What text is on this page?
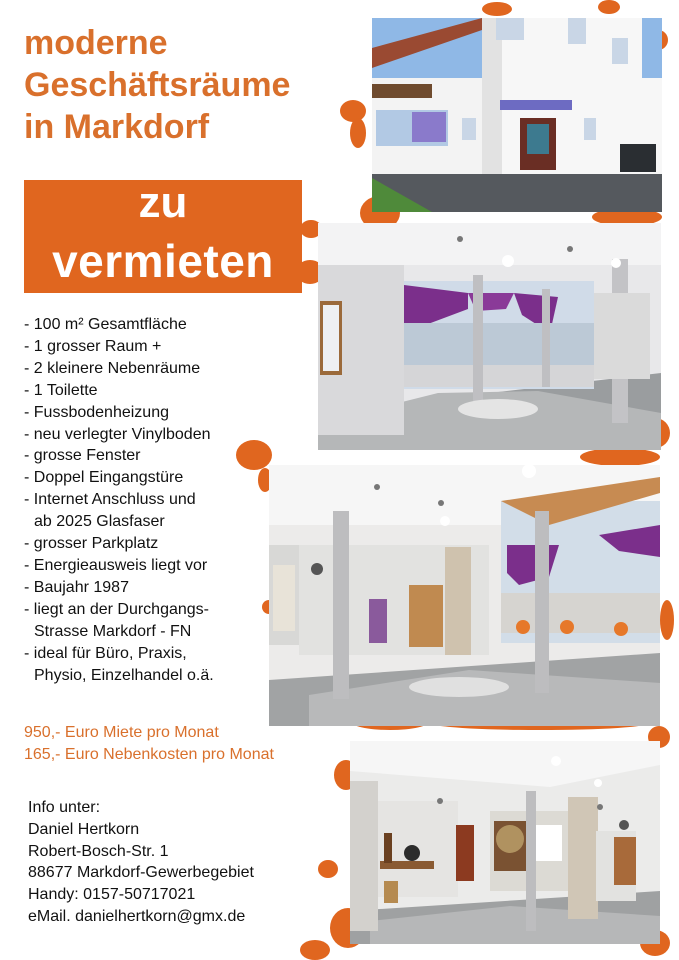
moderne
Geschäftsräume
in Markdorf
zu
vermieten
- 100 m² Gesamtfläche
- 1 grosser Raum +
- 2 kleinere Nebenräume
- 1 Toilette
- Fussbodenheizung
- neu verlegter Vinylboden
- grosse Fenster
- Doppel Eingangstüre
- Internet Anschluss und
ab 2025 Glasfaser
- grosser Parkplatz
- Energieausweis liegt vor
- Baujahr 1987
- liegt an der Durchgangs-
Strasse Markdorf - FN
- ideal für Büro, Praxis,
Physio, Einzelhandel o.ä.
950,- Euro Miete pro Monat
165,- Euro Nebenkosten pro Monat
Info unter:
Daniel Hertkorn
Robert-Bosch-Str. 1
88677 Markdorf-Gewerbegebiet
Handy: 0157-50717021
eMail. danielhertkorn@gmx.de
